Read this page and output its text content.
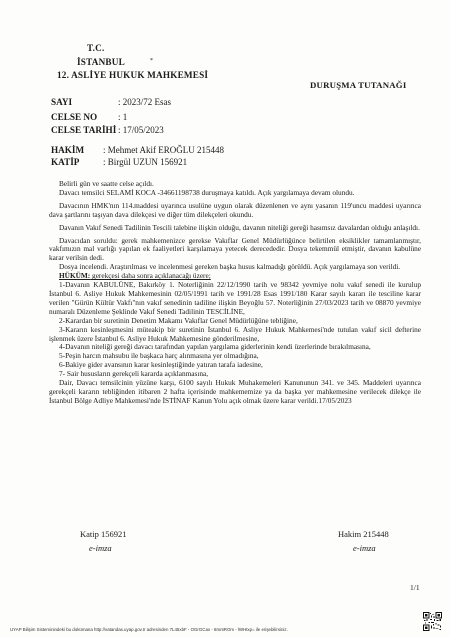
T.C.
İSTANBUL	*
12. ASLİYE HUKUK MAHKEMESİ
DURUŞMA TUTANAĞI
SAYI	: 2023/72 Esas
CELSE NO : 1
CELSE TARİHİ : 17/05/2023
HAKİM : Mehmet Akif EROĞLU 215448
KATİP	: Birgül UZUN 156921

Belirli gün ve saatte celse açıldı.

Davacı temsilci SELAMİ KOCA -34661198738 duruşmaya katıldı. Açık yargılamaya devam olundu.

Davacının HMK'nın 114.maddesi uyarınca usulüne uygun olarak düzenlenen ve aynı yasanın 119'uncu maddesi uyarınca dava şartlarını taşıyan dava dilekçesi ve diğer tüm dilekçeleri okundu.

Davanın Vakıf Senedi Tadilinin Tescili talebine ilişkin olduğu, davanın niteliği gereği hasımsız davalardan olduğu anlaşıldı.

Davacıdan soruldu: gerek mahkemenizce gerekse Vakıflar Genel Müdürlüğünce belirtilen eksiklikler tamamlanmıştır, vakfımızın mal varlığı yapılan ek faaliyetleri karşılamaya yetecek derecededir. Dosya tekemmül etmiştir, davanın kabulüne karar verilsin dedi.

Dosya incelendi. Araştırılması ve incelenmesi gereken başka husus kalmadığı görüldü. Açık yargılamaya son verildi.

HÜKÜM: gerekçesi daha sonra açıklanacağı üzere;

1-Davanın KABULÜNE, Bakırköy 1. Noterliğinin 22/12/1990 tarih ve 98342 yevmiye nolu vakıf senedi ile kurulup İstanbul 6. Asliye Hukuk Mahkemesinin 02/05/1991 tarih ve 1991/28 Esas 1991/180 Karar sayılı kararı ile tesciline karar verilen "Gürün Kültür Vakfı"nın vakıf senedinin tadiline ilişkin Beyoğlu 57. Noterliğinin 27/03/2023 tarih ve 08870 yevmiye numaralı Düzenleme Şeklinde Vakıf Senedi Tadilinin TESCİLİNE,

2-Karardan bir suretinin Denetim Makamı Vakıflar Genel Müdürlüğüne tebliğine,

3-Kararın kesinleşmesini müteakip bir suretinin İstanbul 6. Asliye Hukuk Mahkemesi'nde tutulan vakıf sicil defterine işlenmek üzere İstanbul 6. Asliye Hukuk Mahkemesine gönderilmesine,

4-Davanın niteliği gereği davacı tarafından yapılan yargılama giderlerinin kendi üzerlerinde bırakılmasına,

5-Peşin harcın mahsubu ile başkaca harç alınmasına yer olmadığına,

6-Bakiye gider avansının karar kesinleştiğinde yatıran tarafa iadesine,

7- Sair hususların gerekçeli kararda açıklanmasına,

Dair, Davacı temsilcinin yüzüne karşı, 6100 sayılı Hukuk Muhakemeleri Kanununun 341. ve 345. Maddeleri uyarınca gerekçeli kararın tebliğinden itibaren 2 hafta içerisinde mahkememize ya da başka yer mahkemesine verilecek dilekçe ile İstanbul Bölge Adliye Mahkemesi'nde İSTİNAF Kanun Yolu açık olmak üzere karar verildi.17/05/2023

Katip 156921
e-imza
Hakim 215448
e-imza
1/1
UYAP Bilişim Sisteminindeki bu dokümana http://vatandas.uyap.gov.tr adresinden 7L45xbF - OGrGCax - 8mntROm - lWHtxp= ile erişebilirsiniz.
